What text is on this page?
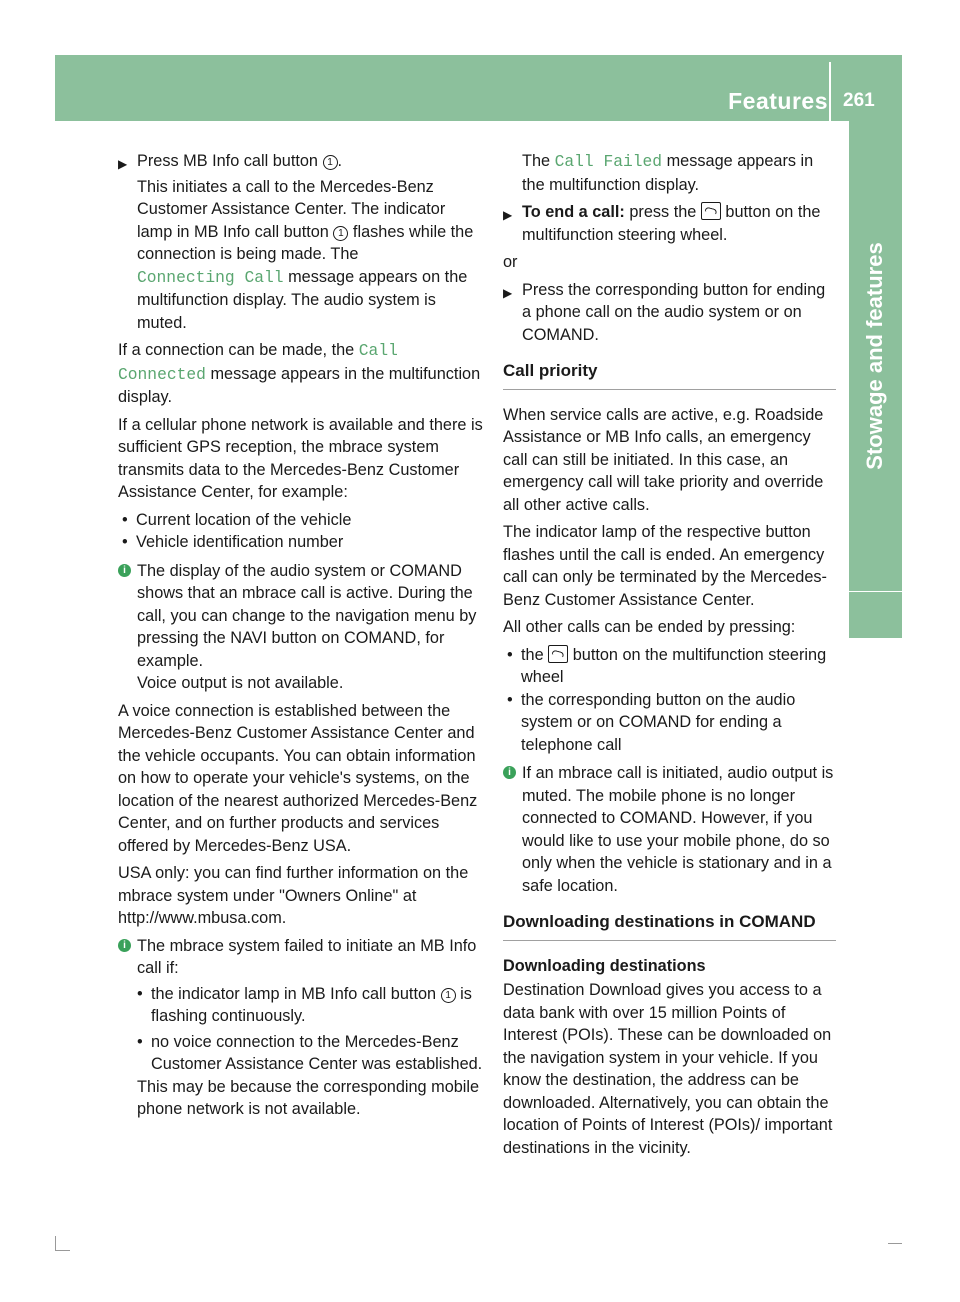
Features 261
Stowage and features
▶ Press MB Info call button 1 .

This initiates a call to the Mercedes-Benz Customer Assistance Center. The indicator lamp in MB Info call button 1 flashes while the connection is being made. The
Connecting Call message appears on the multifunction display. The audio system is muted.

If a connection can be made, the Call Connected message appears in the multifunction display.

If a cellular phone network is available and there is sufficient GPS reception, the mbrace system transmits data to the Mercedes-Benz Customer Assistance Center, for example:

• Current location of the vehicle
• Vehicle identification number
i The display of the audio system or COMAND shows that an mbrace call is active. During the call, you can change to the navigation menu by pressing the NAVI button on COMAND, for example.

Voice output is not available.

A voice connection is established between the Mercedes-Benz Customer Assistance Center and the vehicle occupants. You can obtain information on how to operate your vehicle's systems, on the location of the nearest authorized Mercedes-Benz Center, and on further products and services offered by Mercedes-Benz USA.

USA only: you can find further information on the mbrace system under "Owners Online" at http://www.mbusa.com.

i The mbrace system failed to initiate an MB Info call if:
• the indicator lamp in MB Info call button 1 is flashing continuously.
• no voice connection to the Mercedes-Benz Customer Assistance Center was established.

This may be because the corresponding mobile phone network is not available.

The Call Failed message appears in the multifunction display.

▶ To end a call: press the button on the multifunction steering wheel.

or

▶ Press the corresponding button for ending a phone call on the audio system or on COMAND.
Call priority

When service calls are active, e.g. Roadside Assistance or MB Info calls, an emergency call can still be initiated. In this case, an emergency call will take priority and override all other active calls.

The indicator lamp of the respective button flashes until the call is ended. An emergency call can only be terminated by the Mercedes-Benz Customer Assistance Center.

All other calls can be ended by pressing:

• the button on the multifunction steering wheel
• the corresponding button on the audio system or on COMAND for ending a telephone call
i If an mbrace call is initiated, audio output is muted. The mobile phone is no longer connected to COMAND. However, if you would like to use your mobile phone, do so only when the vehicle is stationary and in a safe location.
Downloading destinations in COMAND
Downloading destinations

Destination Download gives you access to a data bank with over 15 million Points of Interest (POIs). These can be downloaded on the navigation system in your vehicle. If you know the destination, the address can be downloaded. Alternatively, you can obtain the location of Points of Interest (POIs)/ important destinations in the vicinity.
